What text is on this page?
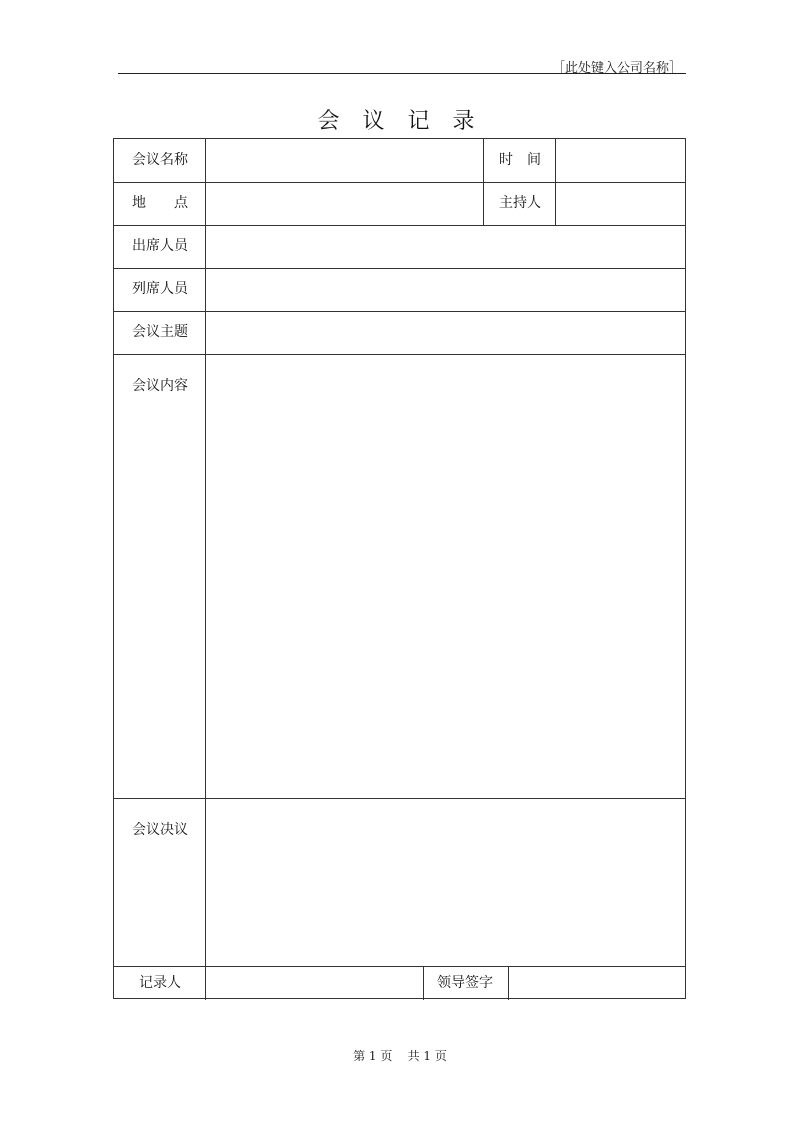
［此处键入公司名称］
会 议 记 录
会议名称	时　间
地　　点	主持人
出席人员
列席人员
会议主题
会议内容
会议决议
记录人	领导签字
第 1 页    共 1 页
